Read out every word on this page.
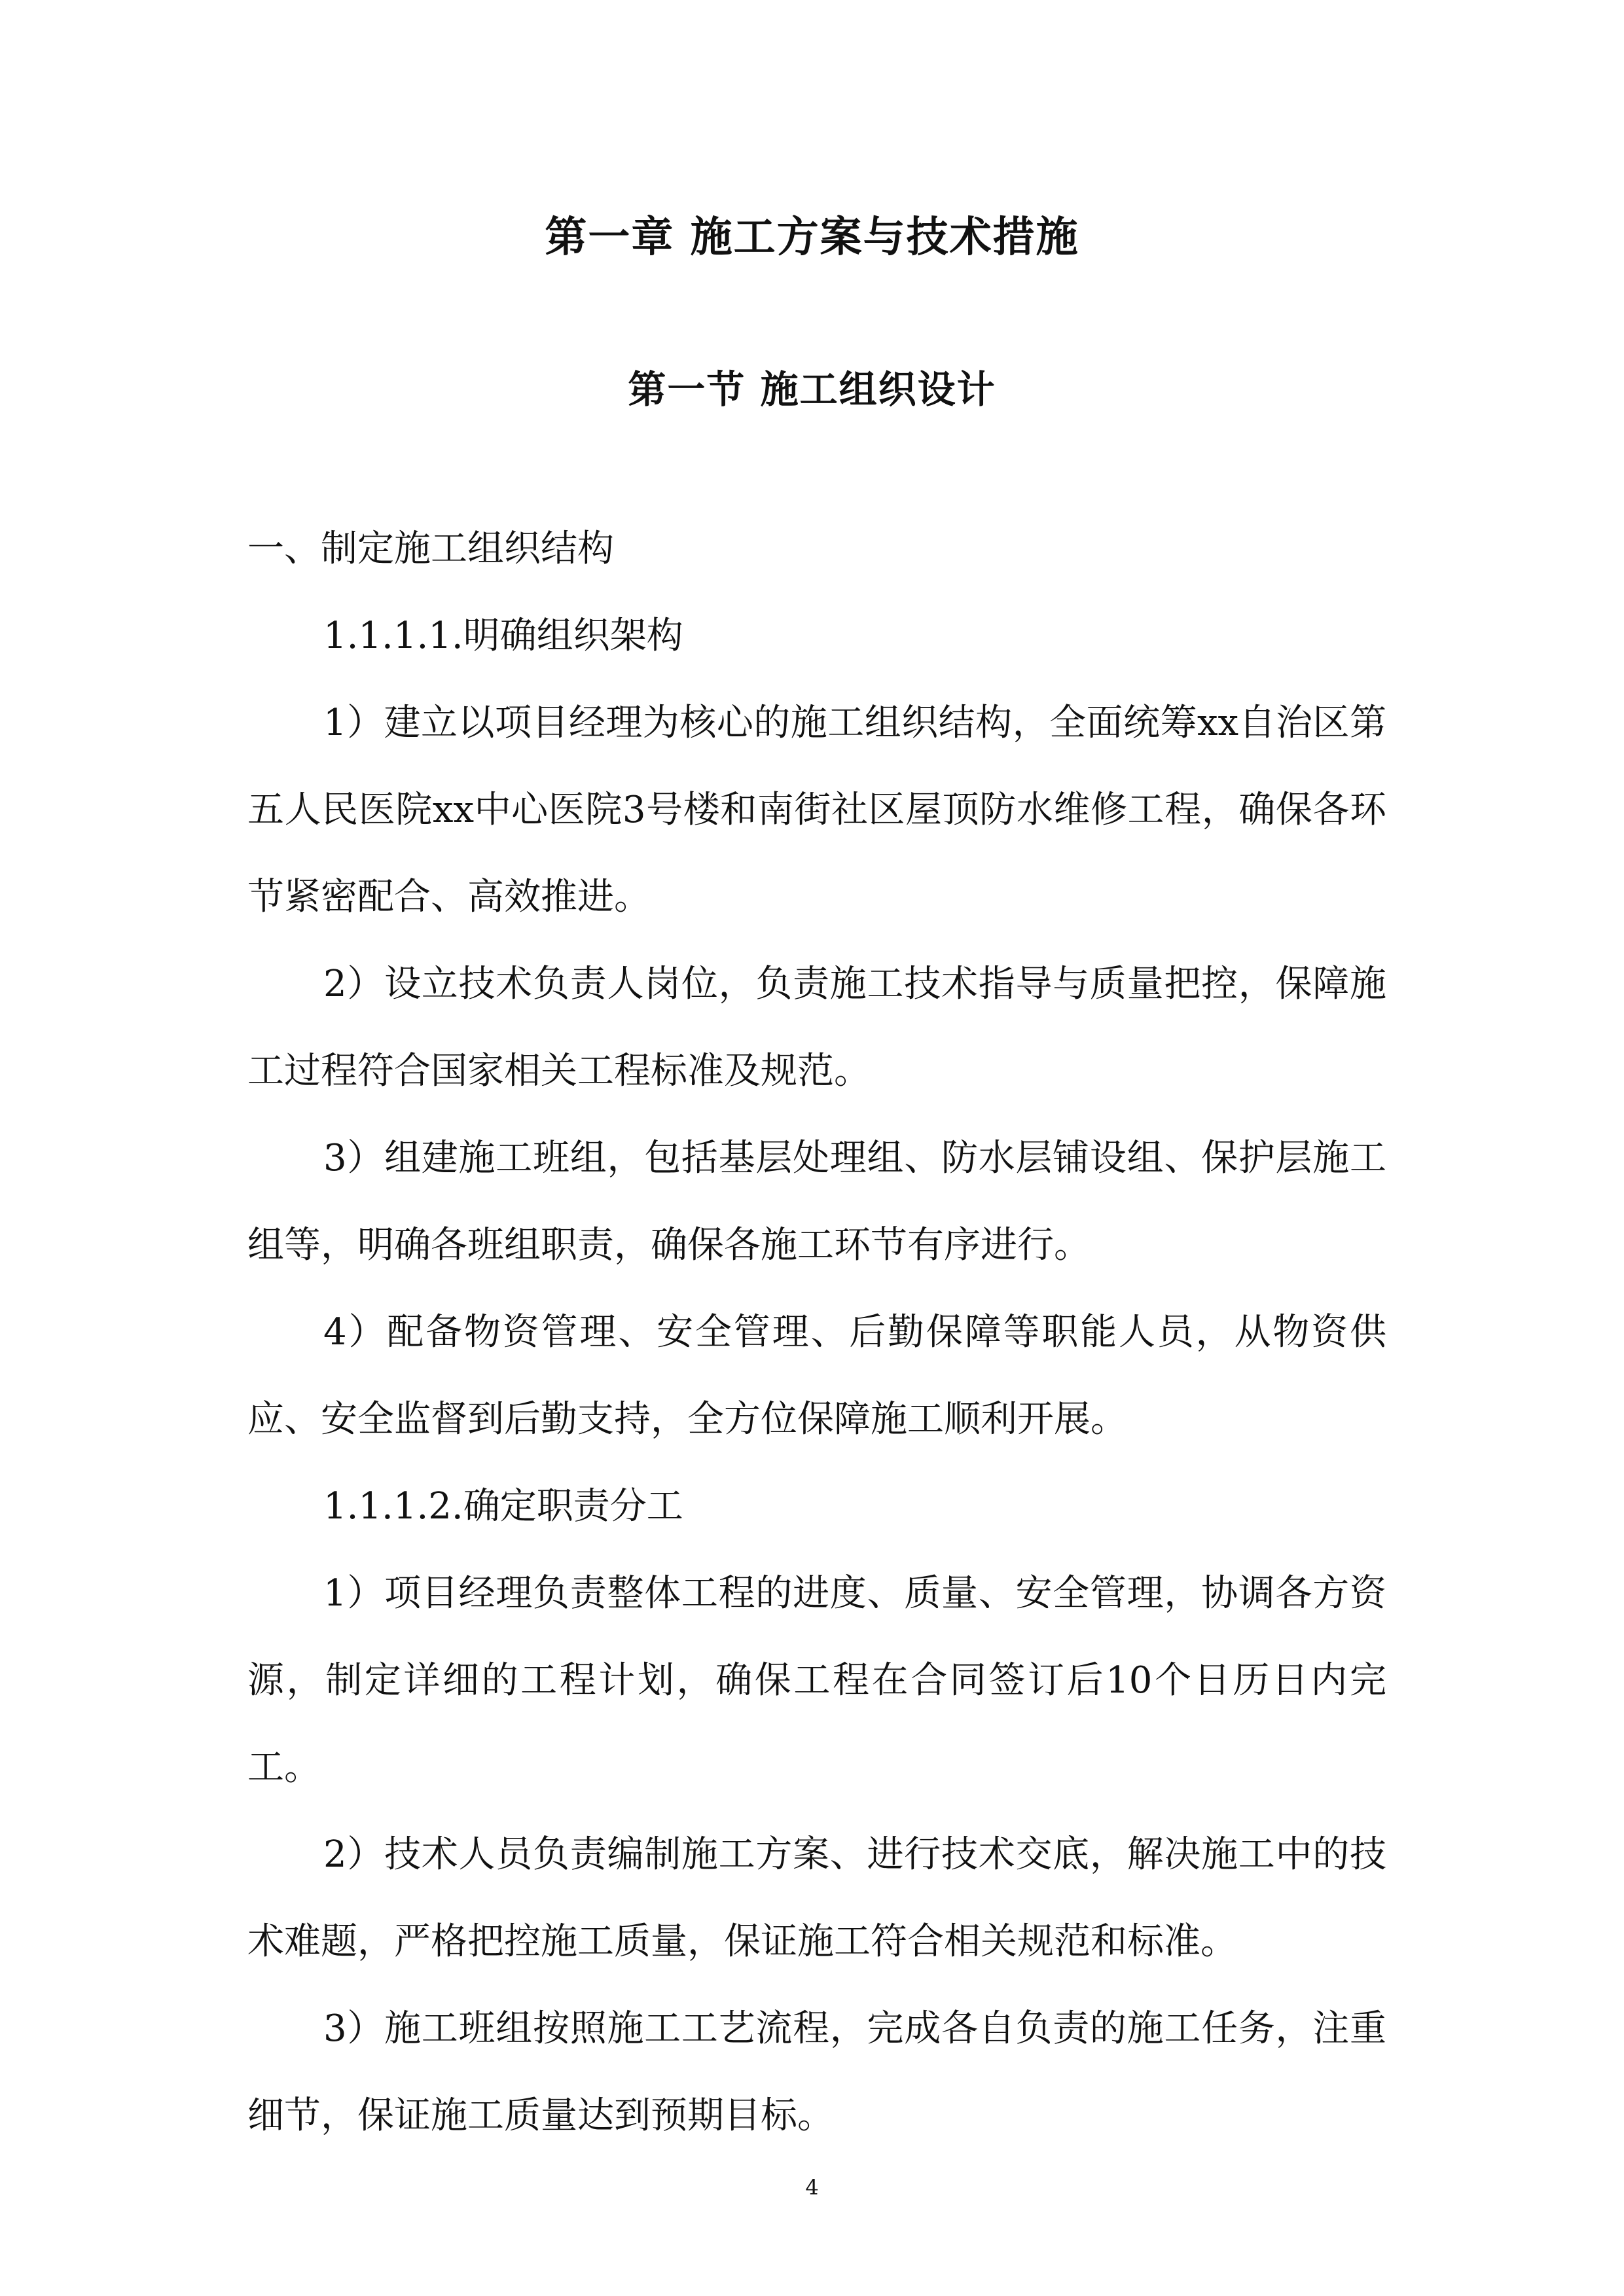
第一章 施工方案与技术措施
第一节 施工组织设计

一、制定施工组织结构

1.1.1.1.明确组织架构

1）建立以项目经理为核心的施工组织结构，全面统筹xx自治区第五人民医院xx中心医院3号楼和南街社区屋顶防水维修工程，确保各环节紧密配合、高效推进。

2）设立技术负责人岗位，负责施工技术指导与质量把控，保障施工过程符合国家相关工程标准及规范。

3）组建施工班组，包括基层处理组、防水层铺设组、保护层施工组等，明确各班组职责，确保各施工环节有序进行。

4）配备物资管理、安全管理、后勤保障等职能人员，从物资供应、安全监督到后勤支持，全方位保障施工顺利开展。

1.1.1.2.确定职责分工

1）项目经理负责整体工程的进度、质量、安全管理，协调各方资源，制定详细的工程计划，确保工程在合同签订后10个日历日内完工。

2）技术人员负责编制施工方案、进行技术交底，解决施工中的技术难题，严格把控施工质量，保证施工符合相关规范和标准。

3）施工班组按照施工工艺流程，完成各自负责的施工任务，注重细节，保证施工质量达到预期目标。

4
